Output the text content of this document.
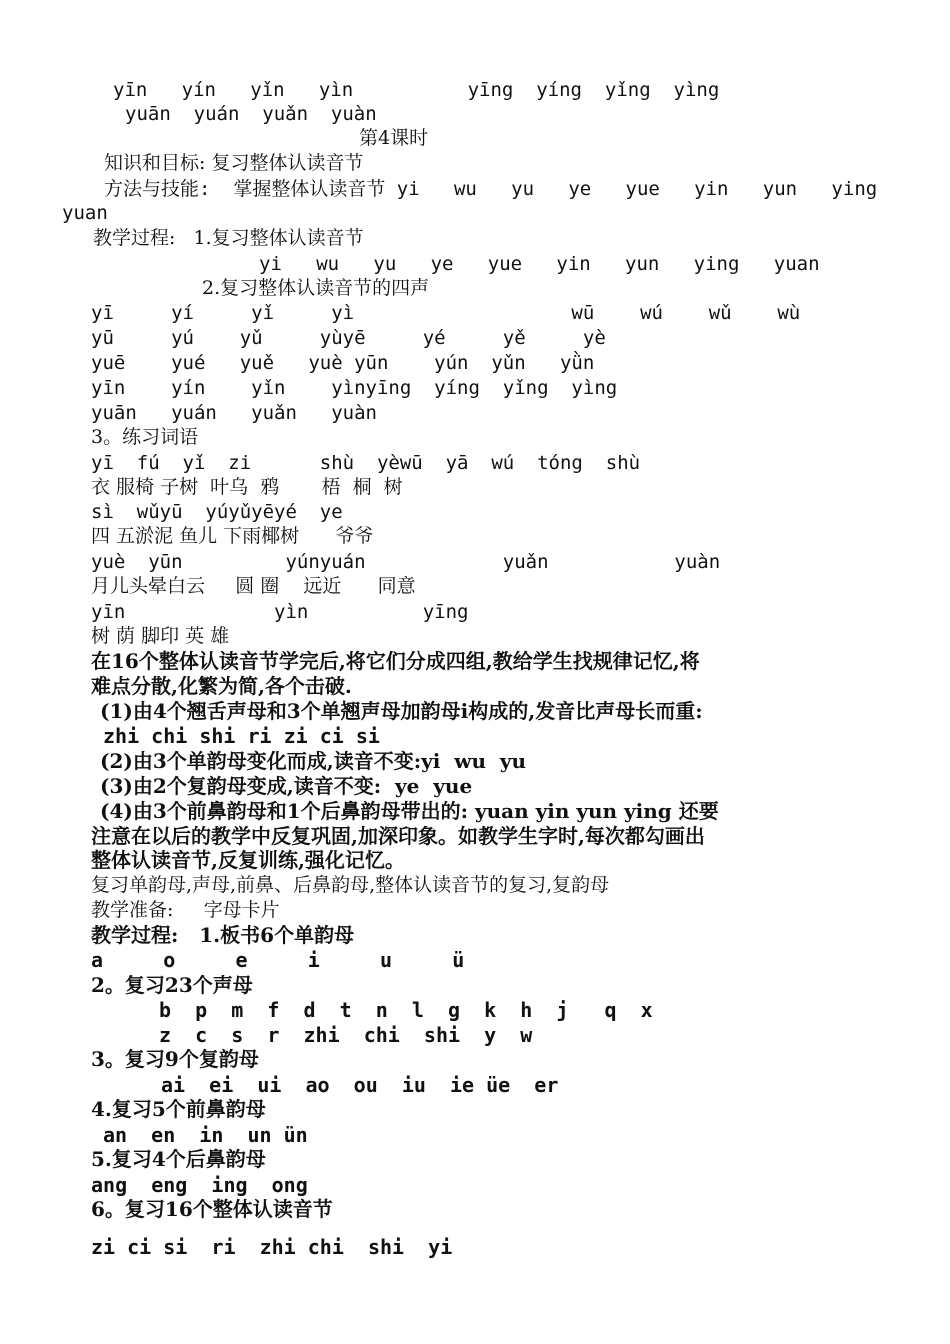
yīn   yín   yǐn   yìn          yīng  yíng  yǐng  yìng
yuān  yuán  yuǎn  yuàn
第4课时
知识和目标: 复习整体认读音节
方法与技能:  掌握整体认读音节 yi   wu   yu   ye   yue   yin   yun   ying
yuan
教学过程:   1.复习整体认读音节
yi   wu   yu   ye   yue   yin   yun   ying   yuan
2.复习整体认读音节的四声
yī     yí     yǐ     yì                   wū    wú    wǔ    wù
yū     yú    yǔ     yùyē     yé     yě     yè
yuē    yué   yuě   yuè yūn    yún  yǔn   yǜn
yīn    yín    yǐn    yìnyīng  yíng  yǐng  yìng
yuān   yuán   yuǎn   yuàn
3。练习词语
yī  fú  yǐ  zi      shù  yèwū  yā  wú  tóng  shù
衣 服椅 子树  叶乌  鸦       梧  桐  树
sì  wǔyū  yúyǔyēyé  ye
四 五淤泥 鱼儿 下雨椰树      爷爷
yuè  yūn         yúnyuán            yuǎn           yuàn
月儿头晕白云     圆 圈    远近      同意
yīn             yìn          yīng
树 荫 脚印 英 雄
在16个整体认读音节学完后,将它们分成四组,教给学生找规律记忆,将
难点分散,化繁为简,各个击破.
(1)由4个翘舌声母和3个单翘声母加韵母i构成的,发音比声母长而重:
zhi chi shi ri zi ci si
(2)由3个单韵母变化而成,读音不变:yi  wu  yu
(3)由2个复韵母变成,读音不变:  ye  yue
(4)由3个前鼻韵母和1个后鼻韵母带出的: yuan yin yun ying 还要
注意在以后的教学中反复巩固,加深印象。如教学生字时,每次都勾画出
整体认读音节,反复训练,强化记忆。
复习单韵母,声母,前鼻、后鼻韵母,整体认读音节的复习,复韵母
教学准备:     字母卡片
教学过程:   1.板书6个单韵母
a     o     e     i     u     ü
2。复习23个声母
b  p  m  f  d  t  n  l  g  k  h  j   q  x
z  c  s  r  zhi  chi  shi  y  w
3。复习9个复韵母
ai  ei  ui  ao  ou  iu  ie üe  er
4.复习5个前鼻韵母
an  en  in  un ün
5.复习4个后鼻韵母
ang  eng  ing  ong
6。复习16个整体认读音节
zi ci si  ri  zhi chi  shi  yi
